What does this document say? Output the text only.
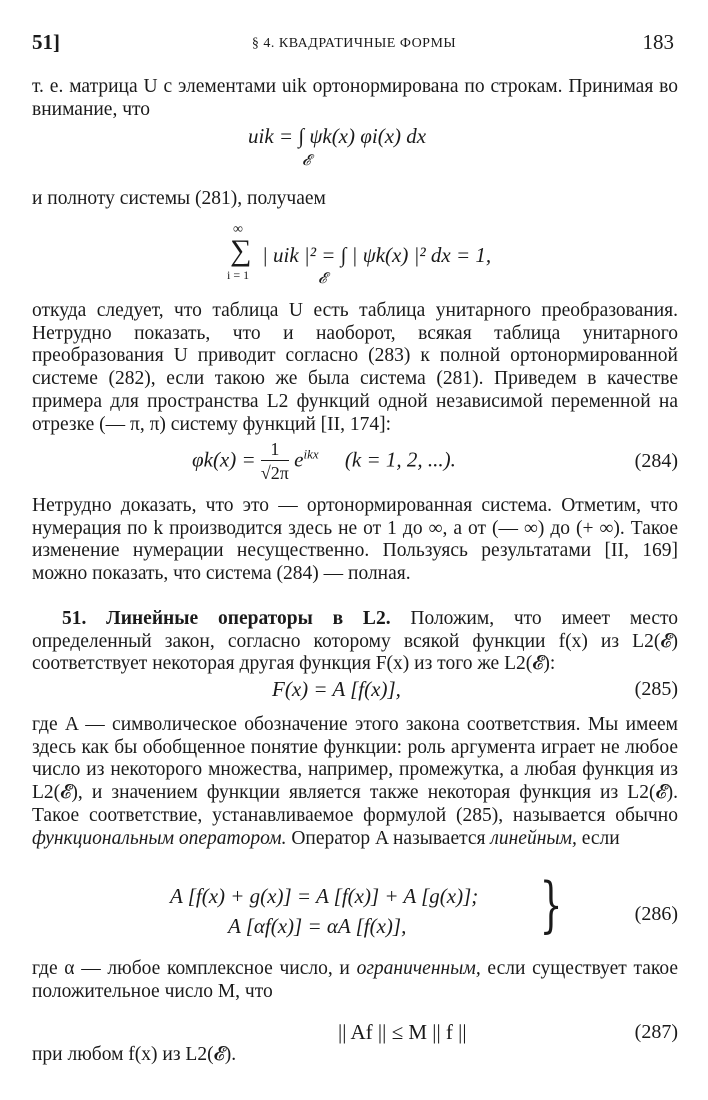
51]	§ 4. КВАДРАТИЧНЫЕ ФОРМЫ	183
т. е. матрица U с элементами uik ортонормирована по строкам. Принимая во внимание, что
uik = ∫ ψk(x) φi(x) dx
𝓔
и полноту системы (281), получаем
∞
∑ | uik |² = ∫ | ψk(x) |² dx = 1,
i = 1	𝓔
откуда следует, что таблица U есть таблица унитарного преобразования. Нетрудно показать, что и наоборот, всякая таблица унитарного преобразования U приводит согласно (283) к полной ортонормированной системе (282), если такою же была система (281). Приведем в качестве примера для пространства L2 функций одной независимой переменной на отрезке (— π, π) систему функций [II, 174]:
$\varphi k(x) = \frac{1}{√2\pi} e^{ikx}$ (k = 1, 2, ...).	(284)
Нетрудно доказать, что это — ортонормированная система. Отметим, что нумерация по k производится здесь не от 1 до ∞, а от (— ∞) до (+ ∞). Такое изменение нумерации несущественно. Пользуясь результатами [II, 169] можно показать, что система (284) — полная.
51. Линейные операторы в L2. Положим, что имеет место определенный закон, согласно которому всякой функции f(x) из L2(𝓔) соответствует некоторая другая функция F(x) из того же L2(𝓔):
F(x) = A [f(x)],	(285)
где A — символическое обозначение этого закона соответствия. Мы имеем здесь как бы обобщенное понятие функции: роль аргумента играет не любое число из некоторого множества, например, промежутка, а любая функция из L2(𝓔), и значением функции является также некоторая функция из L2(𝓔). Такое соответствие, устанавливаемое формулой (285), называется обычно функциональным оператором. Оператор A называется линейным, если
A [f(x) + g(x)] = A [f(x)] + A [g(x)];
A [αf(x)] = αA [f(x)], }	(286)
где α — любое комплексное число, и ограниченным, если существует такое положительное число M, что
|| Af || ≤ M || f ||	(287)
при любом f(x) из L2(𝓔).
